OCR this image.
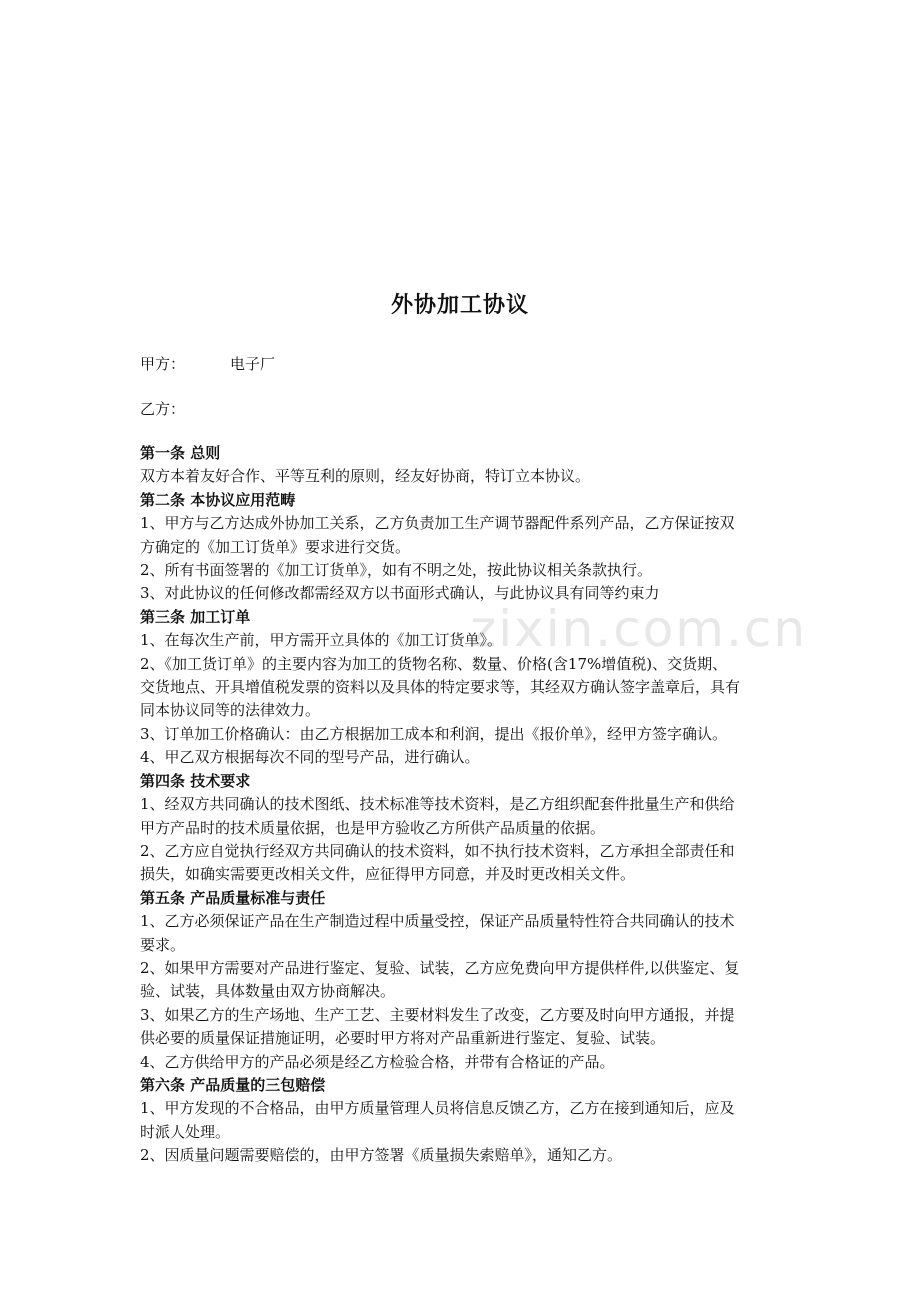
zixin.com.cn
外协加工协议
甲方：	电子厂
乙方：

第一条 总则

双方本着友好合作、平等互利的原则，经友好协商，特订立本协议。

第二条 本协议应用范畴

1、甲方与乙方达成外协加工关系，乙方负责加工生产调节器配件系列产品，乙方保证按双

方确定的《加工订货单》要求进行交货。

2、所有书面签署的《加工订货单》，如有不明之处，按此协议相关条款执行。

3、对此协议的任何修改都需经双方以书面形式确认，与此协议具有同等约束力

第三条 加工订单

1、在每次生产前，甲方需开立具体的《加工订货单》。

2、《加工货订单》的主要内容为加工的货物名称、数量、价格(含17%增值税)、交货期、

交货地点、开具增值税发票的资料以及具体的特定要求等，其经双方确认签字盖章后，具有

同本协议同等的法律效力。

3、订单加工价格确认：由乙方根据加工成本和利润，提出《报价单》，经甲方签字确认。

4、甲乙双方根据每次不同的型号产品，进行确认。

第四条 技术要求

1、经双方共同确认的技术图纸、技术标准等技术资料，是乙方组织配套件批量生产和供给

甲方产品时的技术质量依据，也是甲方验收乙方所供产品质量的依据。

2、乙方应自觉执行经双方共同确认的技术资料，如不执行技术资料，乙方承担全部责任和

损失，如确实需要更改相关文件，应征得甲方同意，并及时更改相关文件。

第五条 产品质量标准与责任

1、乙方必须保证产品在生产制造过程中质量受控，保证产品质量特性符合共同确认的技术

要求。

2、如果甲方需要对产品进行鉴定、复验、试装，乙方应免费向甲方提供样件,以供鉴定、复

验、试装，具体数量由双方协商解决。

3、如果乙方的生产场地、生产工艺、主要材料发生了改变，乙方要及时向甲方通报，并提

供必要的质量保证措施证明，必要时甲方将对产品重新进行鉴定、复验、试装。

4、乙方供给甲方的产品必须是经乙方检验合格，并带有合格证的产品。

第六条 产品质量的三包赔偿

1、甲方发现的不合格品，由甲方质量管理人员将信息反馈乙方，乙方在接到通知后，应及

时派人处理。

2、因质量问题需要赔偿的，由甲方签署《质量损失索赔单》，通知乙方。
